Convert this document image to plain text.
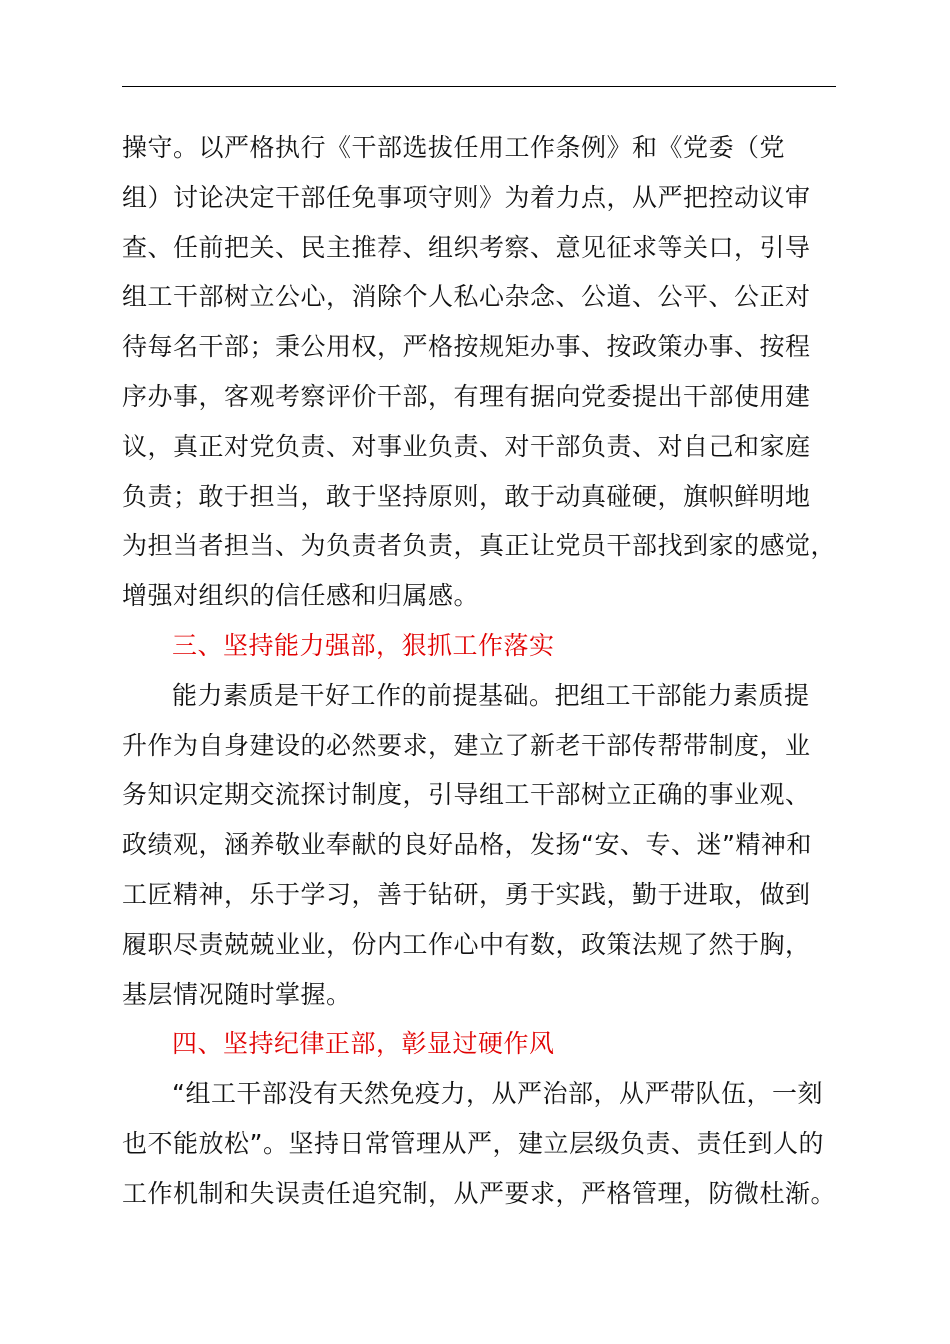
操守。以严格执行《干部选拔任用工作条例》和《党委（党
组）讨论决定干部任免事项守则》为着力点，从严把控动议审
查、任前把关、民主推荐、组织考察、意见征求等关口，引导
组工干部树立公心，消除个人私心杂念、公道、公平、公正对
待每名干部；秉公用权，严格按规矩办事、按政策办事、按程
序办事，客观考察评价干部，有理有据向党委提出干部使用建
议，真正对党负责、对事业负责、对干部负责、对自己和家庭
负责；敢于担当，敢于坚持原则，敢于动真碰硬，旗帜鲜明地
为担当者担当、为负责者负责，真正让党员干部找到家的感觉，
增强对组织的信任感和归属感。
三、坚持能力强部，狠抓工作落实
能力素质是干好工作的前提基础。把组工干部能力素质提
升作为自身建设的必然要求，建立了新老干部传帮带制度，业
务知识定期交流探讨制度，引导组工干部树立正确的事业观、
政绩观，涵养敬业奉献的良好品格，发扬“安、专、迷”精神和
工匠精神，乐于学习，善于钻研，勇于实践，勤于进取，做到
履职尽责兢兢业业，份内工作心中有数，政策法规了然于胸，
基层情况随时掌握。
四、坚持纪律正部，彰显过硬作风
“组工干部没有天然免疫力，从严治部，从严带队伍，一刻
也不能放松”。坚持日常管理从严，建立层级负责、责任到人的
工作机制和失误责任追究制，从严要求，严格管理，防微杜渐。
